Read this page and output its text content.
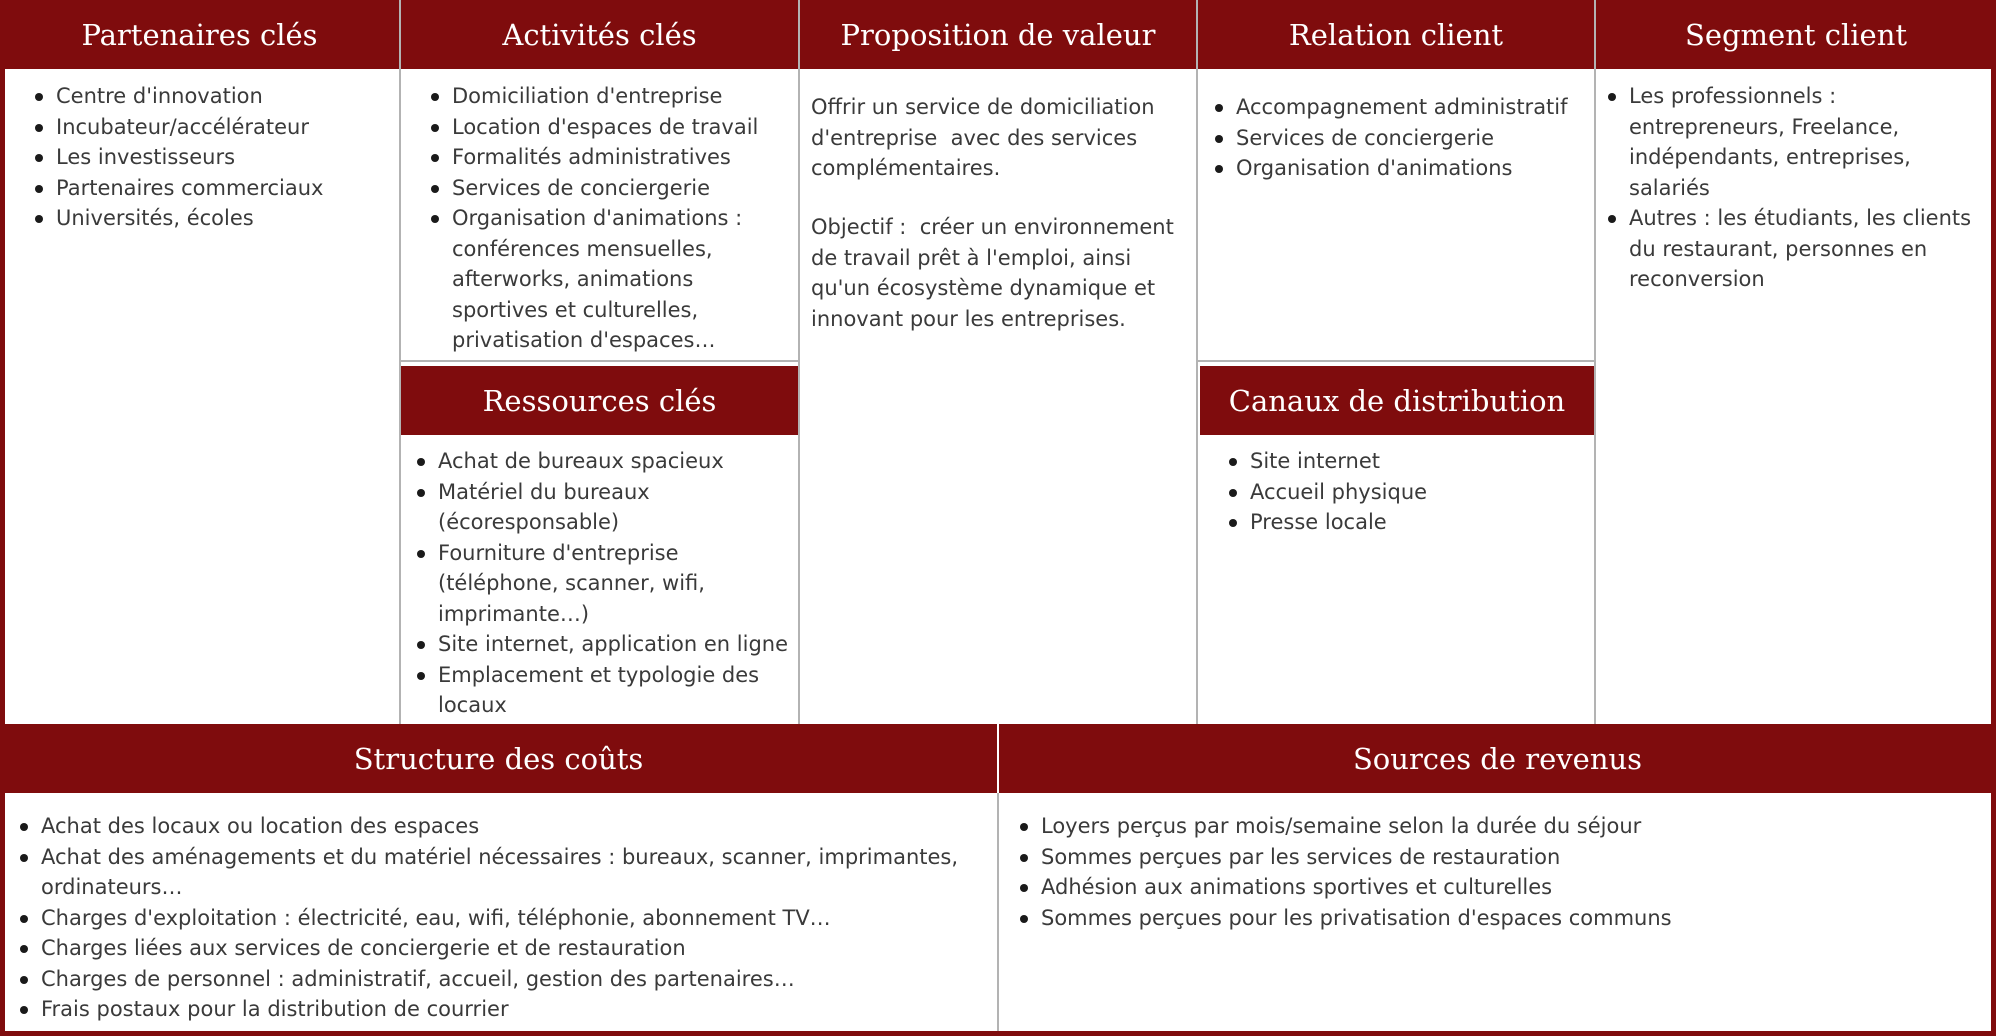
Partenaires clés	Activités clés	Proposition de valeur	Relation client	Segment client
Centre d'innovation
Incubateur/accélérateur
Les investisseurs
Partenaires commerciaux
Universités, écoles
Domiciliation d'entreprise
Location d'espaces de travail
Formalités administratives
Services de conciergerie
Organisation d'animations : conférences mensuelles, afterworks, animations sportives et culturelles, privatisation d'espaces…
Ressources clés
Achat de bureaux spacieux
Matériel du bureaux (écoresponsable)
Fourniture d'entreprise (téléphone, scanner, wifi, imprimante…)
Site internet, application en ligne
Emplacement et typologie des locaux
Offrir un service de domiciliation d'entreprise  avec des services complémentaires.
Objectif :  créer un environnement de travail prêt à l'emploi, ainsi  qu'un écosystème dynamique et innovant pour les entreprises.
Accompagnement administratif
Services de conciergerie
Organisation d'animations
Canaux de distribution
Site internet
Accueil physique
Presse locale
Les professionnels : entrepreneurs, Freelance, indépendants, entreprises, salariés
Autres : les étudiants, les clients du restaurant, personnes en reconversion
Structure des coûts	Sources de revenus
Achat des locaux ou location des espaces
Achat des aménagements et du matériel nécessaires : bureaux, scanner, imprimantes, ordinateurs…
Charges d'exploitation : électricité, eau, wifi, téléphonie, abonnement TV…
Charges liées aux services de conciergerie et de restauration
Charges de personnel : administratif, accueil, gestion des partenaires…
Frais postaux pour la distribution de courrier
Loyers perçus par mois/semaine selon la durée du séjour
Sommes perçues par les services de restauration
Adhésion aux animations sportives et culturelles
Sommes perçues pour les privatisation d'espaces communs
